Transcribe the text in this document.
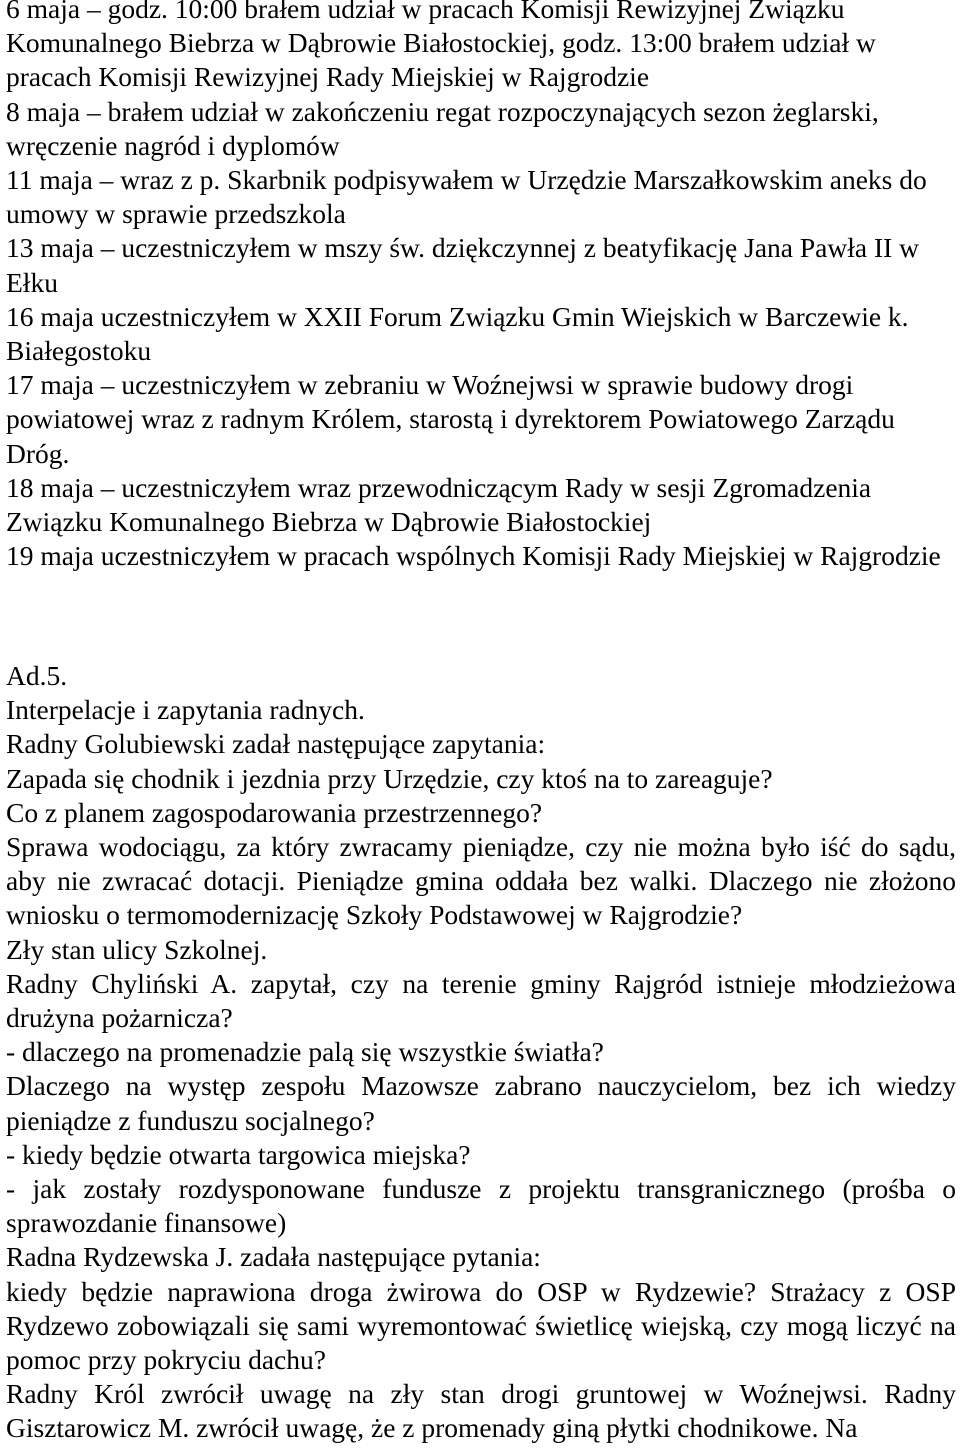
6 maja – godz. 10:00 brałem udział w pracach Komisji Rewizyjnej Związku Komunalnego Biebrza w Dąbrowie Białostockiej, godz. 13:00 brałem udział w pracach Komisji Rewizyjnej Rady Miejskiej w Rajgrodzie

8 maja – brałem udział w zakończeniu regat rozpoczynających sezon żeglarski, wręczenie nagród i dyplomów

11 maja – wraz z p. Skarbnik podpisywałem w Urzędzie Marszałkowskim aneks do umowy w sprawie przedszkola

13 maja – uczestniczyłem w mszy św. dziękczynnej z beatyfikację Jana Pawła II w Ełku

16 maja uczestniczyłem w XXII Forum Związku Gmin Wiejskich w Barczewie k. Białegostoku

17 maja – uczestniczyłem w zebraniu w Woźnejwsi w sprawie budowy drogi powiatowej wraz z radnym Królem, starostą i dyrektorem Powiatowego Zarządu Dróg.

18 maja – uczestniczyłem wraz przewodniczącym Rady w sesji Zgromadzenia Związku Komunalnego Biebrza w Dąbrowie Białostockiej

19 maja uczestniczyłem w pracach wspólnych Komisji Rady Miejskiej w Rajgrodzie

Ad.5.

Interpelacje i zapytania radnych.

Radny Golubiewski zadał następujące zapytania:

Zapada się chodnik i jezdnia przy Urzędzie, czy ktoś na to zareaguje?

Co z planem zagospodarowania przestrzennego?

Sprawa wodociągu, za który zwracamy pieniądze, czy nie można było iść do sądu, aby nie zwracać dotacji. Pieniądze gmina oddała bez walki. Dlaczego nie złożono wniosku o termomodernizację Szkoły Podstawowej w Rajgrodzie?

Zły stan ulicy Szkolnej.

Radny Chyliński A. zapytał, czy na terenie gminy Rajgród istnieje młodzieżowa drużyna pożarnicza?

- dlaczego na promenadzie palą się wszystkie światła?

Dlaczego na występ zespołu Mazowsze zabrano nauczycielom, bez ich wiedzy pieniądze z funduszu socjalnego?

- kiedy będzie otwarta targowica miejska?

- jak zostały rozdysponowane fundusze z projektu transgranicznego (prośba o sprawozdanie finansowe)

Radna Rydzewska J. zadała następujące pytania:

kiedy będzie naprawiona droga żwirowa do OSP w Rydzewie? Strażacy z OSP Rydzewo zobowiązali się sami wyremontować świetlicę wiejską, czy mogą liczyć na pomoc przy pokryciu dachu?

Radny Król zwrócił uwagę na zły stan drogi gruntowej w Woźnejwsi. Radny Gisztarowicz M. zwrócił uwagę, że z promenady giną płytki chodnikowe. Na
